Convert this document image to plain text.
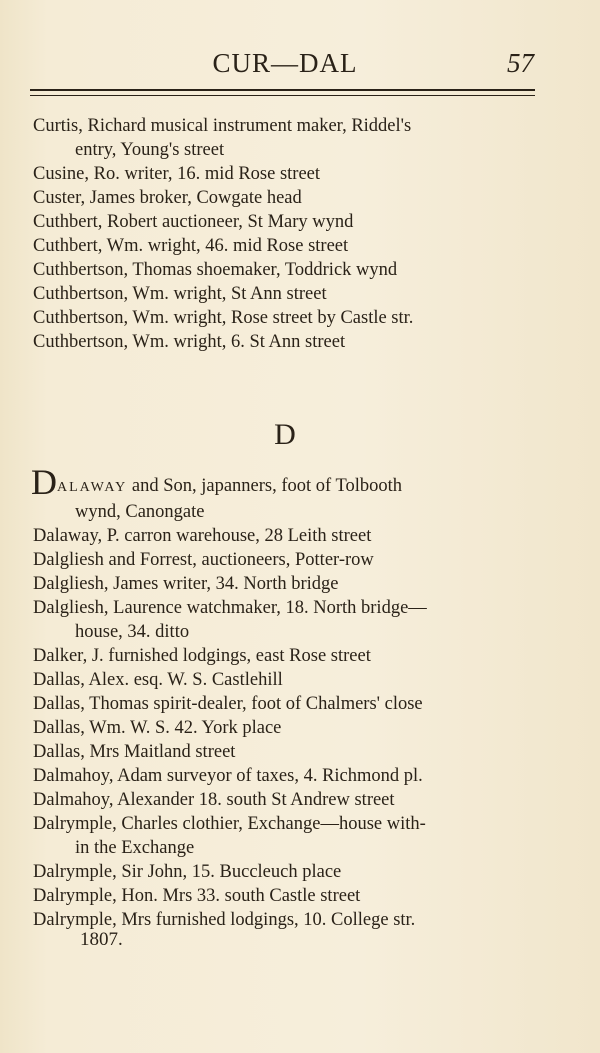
CUR—DAL	57
Curtis, Richard musical instrument maker, Riddel's
entry, Young's street
Cusine, Ro. writer, 16. mid Rose street
Custer, James broker, Cowgate head
Cuthbert, Robert auctioneer, St Mary wynd
Cuthbert, Wm. wright, 46. mid Rose street
Cuthbertson, Thomas shoemaker, Toddrick wynd
Cuthbertson, Wm. wright, St Ann street
Cuthbertson, Wm. wright, Rose street by Castle str.
Cuthbertson, Wm. wright, 6. St Ann street
D
DALAWAY and Son, japanners, foot of Tolbooth
wynd, Canongate
Dalaway, P. carron warehouse, 28 Leith street
Dalgliesh and Forrest, auctioneers, Potter-row
Dalgliesh, James writer, 34. North bridge
Dalgliesh, Laurence watchmaker, 18. North bridge—
house, 34. ditto
Dalker, J. furnished lodgings, east Rose street
Dallas, Alex. esq. W. S. Castlehill
Dallas, Thomas spirit-dealer, foot of Chalmers' close
Dallas, Wm. W. S. 42. York place
Dallas, Mrs Maitland street
Dalmahoy, Adam surveyor of taxes, 4. Richmond pl.
Dalmahoy, Alexander 18. south St Andrew street
Dalrymple, Charles clothier, Exchange—house with-
in the Exchange
Dalrymple, Sir John, 15. Buccleuch place
Dalrymple, Hon. Mrs 33. south Castle street
Dalrymple, Mrs furnished lodgings, 10. College str.
1807.
